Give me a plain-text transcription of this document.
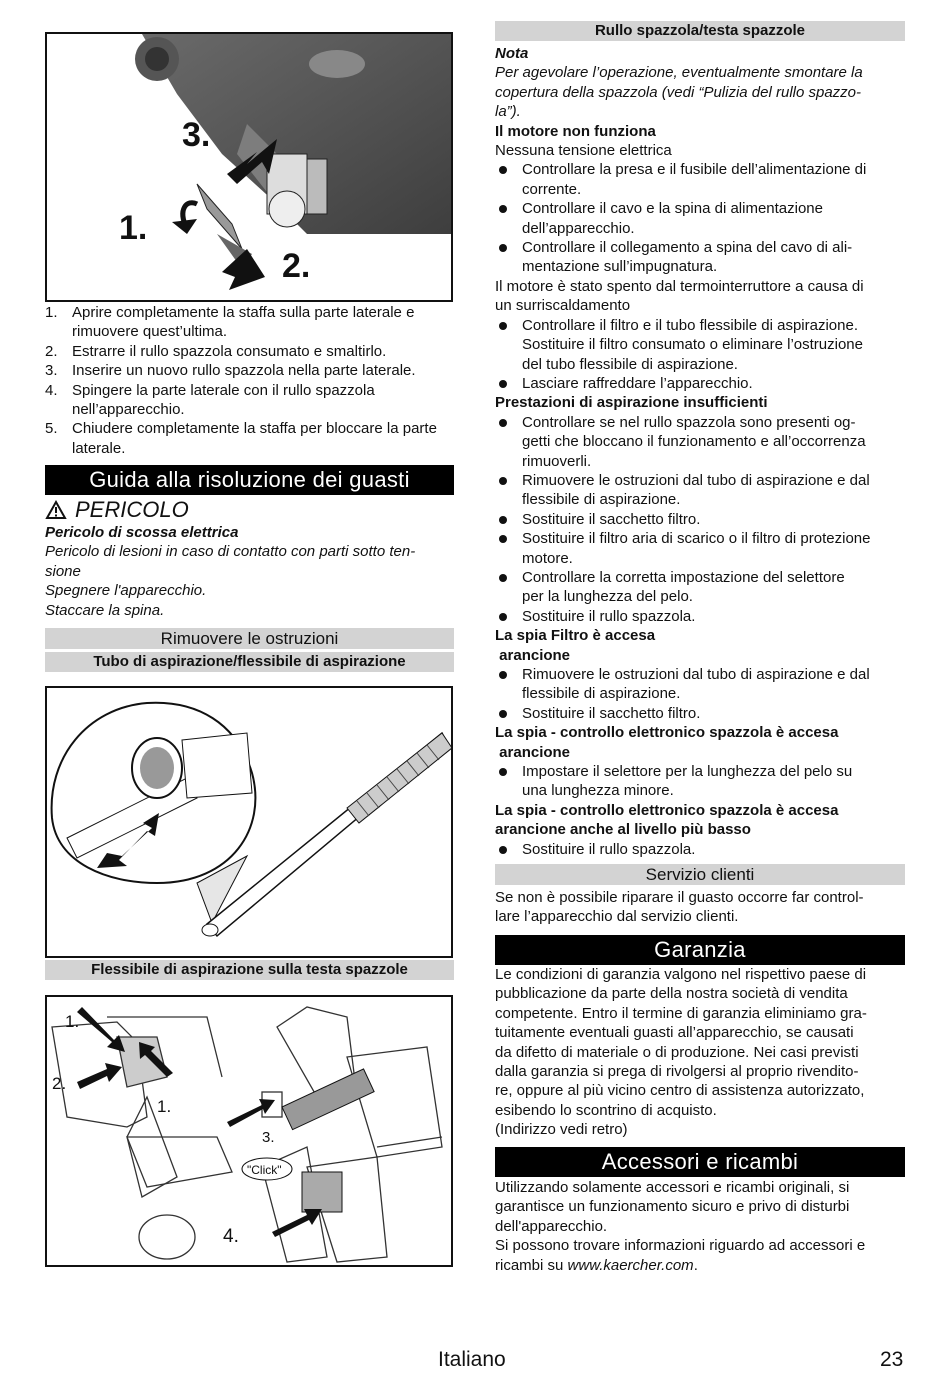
3.
1.
2.
1. Aprire completamente la staffa sulla parte laterale e rimuovere quest’ultima.
2. Estrarre il rullo spazzola consumato e smaltirlo.
3. Inserire un nuovo rullo spazzola nella parte laterale.
4. Spingere la parte laterale con il rullo spazzola nell’apparecchio.
5. Chiudere completamente la staffa per bloccare la parte laterale.
Guida alla risoluzione dei guasti
PERICOLO

Pericolo di scossa elettrica

Pericolo di lesioni in caso di contatto con parti sotto ten-

sione

Spegnere l'apparecchio.

Staccare la spina.

Rimuovere le ostruzioni
Tubo di aspirazione/flessibile di aspirazione
Flessibile di aspirazione sulla testa spazzole
1.
2.
1.
3.
"Click"
4.
Rullo spazzola/testa spazzole

Nota

Per agevolare l’operazione, eventualmente smontare la

copertura della spazzola (vedi “Pulizia del rullo spazzo-

la”).

Il motore non funziona

Nessuna tensione elettrica

Controllare la presa e il fusibile dell’alimentazione di

corrente.

Controllare il cavo e la spina di alimentazione

dell’apparecchio.

Controllare il collegamento a spina del cavo di ali-

mentazione sull’impugnatura.

Il motore è stato spento dal termointerruttore a causa di

un surriscaldamento

Controllare il filtro e il tubo flessibile di aspirazione.

Sostituire il filtro consumato o eliminare l’ostruzione

del tubo flessibile di aspirazione.

Lasciare raffreddare l’apparecchio.

Prestazioni di aspirazione insufficienti

Controllare se nel rullo spazzola sono presenti og-

getti che bloccano il funzionamento e all’occorrenza

rimuoverli.

Rimuovere le ostruzioni dal tubo di aspirazione e dal

flessibile di aspirazione.

Sostituire il sacchetto filtro.

Sostituire il filtro aria di scarico o il filtro di protezione

motore.

Controllare la corretta impostazione del selettore

per la lunghezza del pelo.

Sostituire il rullo spazzola.

La spia Filtro è accesa

arancione

Rimuovere le ostruzioni dal tubo di aspirazione e dal

flessibile di aspirazione.

Sostituire il sacchetto filtro.

La spia - controllo elettronico spazzola è accesa

arancione

Impostare il selettore per la lunghezza del pelo su

una lunghezza minore.

La spia - controllo elettronico spazzola è accesa

arancione anche al livello più basso

Sostituire il rullo spazzola.

Servizio clienti

Se non è possibile riparare il guasto occorre far control-

lare l’apparecchio dal servizio clienti.

Garanzia

Le condizioni di garanzia valgono nel rispettivo paese di

pubblicazione da parte della nostra società di vendita

competente. Entro il termine di garanzia eliminiamo gra-

tuitamente eventuali guasti all’apparecchio, se causati

da difetto di materiale o di produzione. Nei casi previsti

dalla garanzia si prega di rivolgersi al proprio rivendito-

re, oppure al più vicino centro di assistenza autorizzato,

esibendo lo scontrino di acquisto.

(Indirizzo vedi retro)

Accessori e ricambi

Utilizzando solamente accessori e ricambi originali, si

garantisce un funzionamento sicuro e privo di disturbi

dell'apparecchio.

Si possono trovare informazioni riguardo ad accessori e

ricambi su www.kaercher.com.

Italiano	23
